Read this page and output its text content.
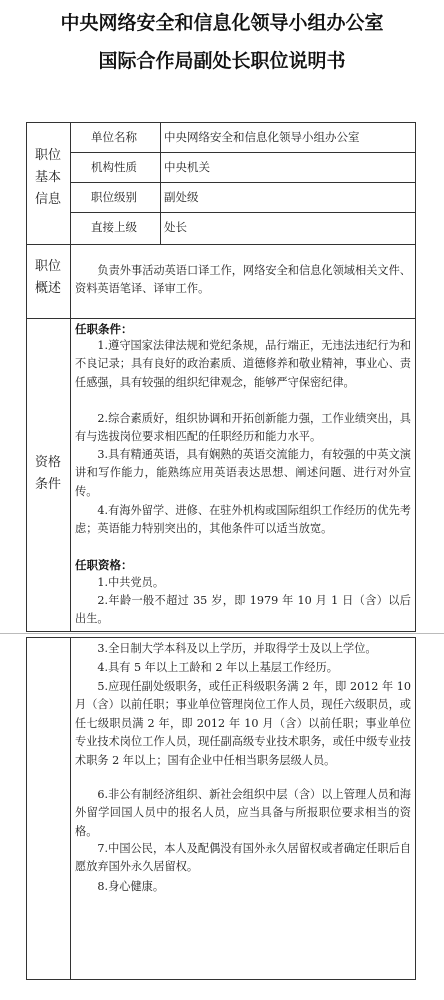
中央网络安全和信息化领导小组办公室
国际合作局副处长职位说明书
职位
基本
信息
单位名称	中央网络安全和信息化领导小组办公室
机构性质	中央机关
职位级别	副处级
直接上级	处长
职位
概述

负责外事活动英语口译工作，网络安全和信息化领域相关文件、资料英语笔译、译审工作。

资格
条件
任职条件：

1.遵守国家法律法规和党纪条规，品行端正，无违法违纪行为和不良记录；具有良好的政治素质、道德修养和敬业精神，事业心、责任感强，具有较强的组织纪律观念，能够严守保密纪律。

2.综合素质好，组织协调和开拓创新能力强，工作业绩突出，具有与选拔岗位要求相匹配的任职经历和能力水平。

3.具有精通英语，具有娴熟的英语交流能力，有较强的中英文演讲和写作能力，能熟练应用英语表达思想、阐述问题、进行对外宣传。

4.有海外留学、进修、在驻外机构或国际组织工作经历的优先考虑；英语能力特别突出的，其他条件可以适当放宽。

任职资格：

1.中共党员。

2.年龄一般不超过 35 岁，即 1979 年 10 月 1 日（含）以后出生。

3.全日制大学本科及以上学历，并取得学士及以上学位。

4.具有 5 年以上工龄和 2 年以上基层工作经历。

5.应现任副处级职务，或任正科级职务满 2 年，即 2012 年 10 月（含）以前任职；事业单位管理岗位工作人员，现任六级职员，或任七级职员满 2 年，即 2012 年 10 月（含）以前任职；事业单位专业技术岗位工作人员，现任副高级专业技术职务，或任中级专业技术职务 2 年以上；国有企业中任相当职务层级人员。

6.非公有制经济组织、新社会组织中层（含）以上管理人员和海外留学回国人员中的报名人员，应当具备与所报职位要求相当的资格。

7.中国公民，本人及配偶没有国外永久居留权或者确定任职后自愿放弃国外永久居留权。

8.身心健康。
